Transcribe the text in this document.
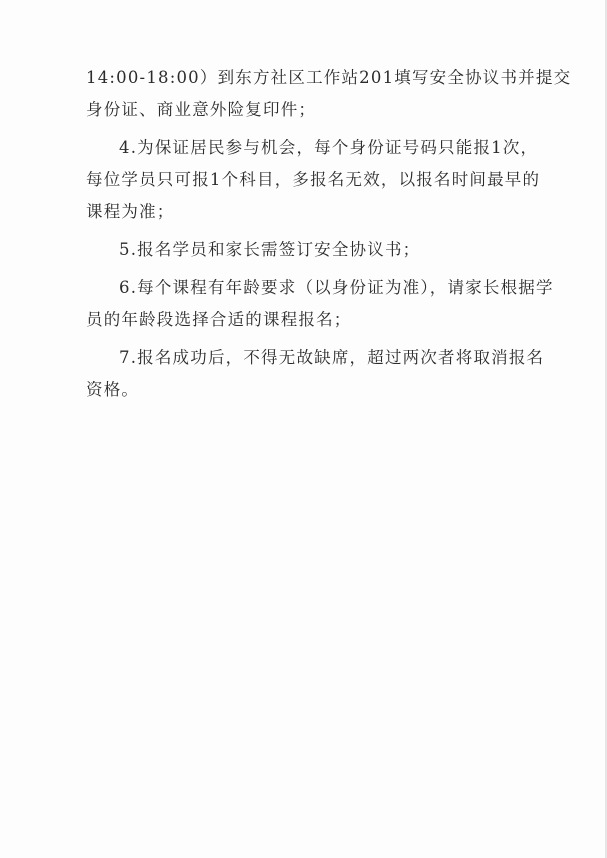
14:00-18:00）到东方社区工作站201填写安全协议书并提交
身份证、商业意外险复印件；
4.为保证居民参与机会，每个身份证号码只能报1次，
每位学员只可报1个科目，多报名无效，以报名时间最早的
课程为准；
5.报名学员和家长需签订安全协议书；
6.每个课程有年龄要求（以身份证为准），请家长根据学
员的年龄段选择合适的课程报名；
7.报名成功后，不得无故缺席，超过两次者将取消报名
资格。
